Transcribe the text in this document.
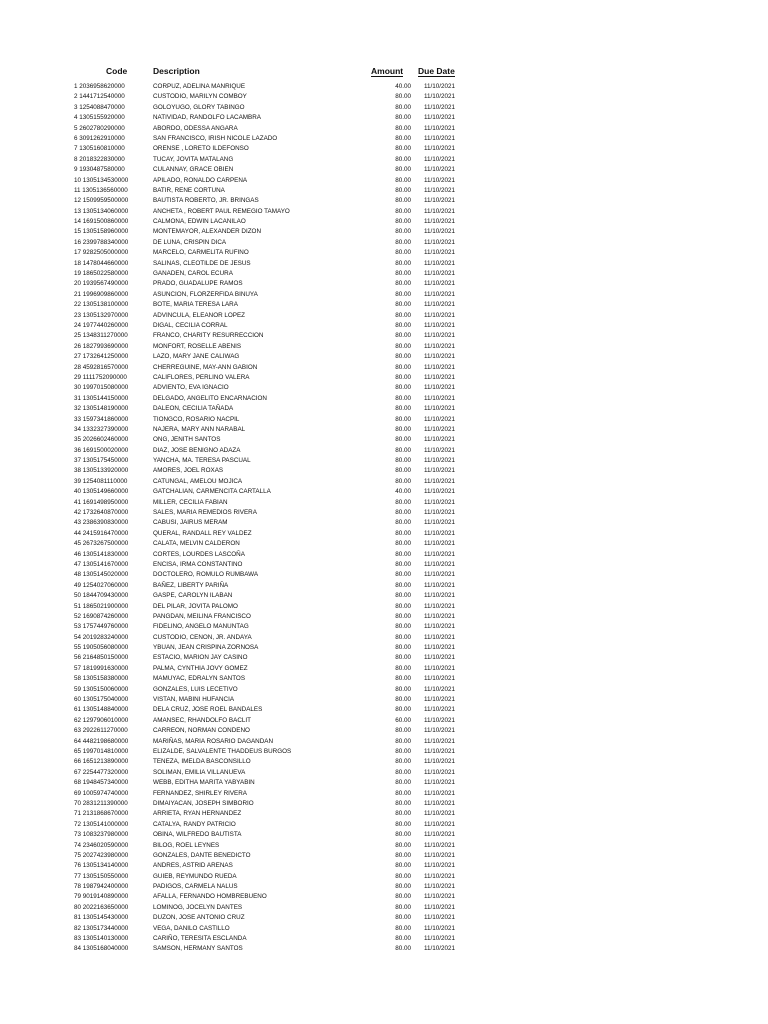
Code	Description	Amount Due Date
1 2036958620000	CORPUZ, ADELINA MANRIQUE	40.00	11/10/2021
2 1441712540000	CUSTODIO, MARILYN COMBOY	80.00	11/10/2021
3 1254088470000	GOLOYUGO, GLORY TABINGO	80.00	11/10/2021
4 1305155920000	NATIVIDAD, RANDOLFO LACAMBRA	80.00	11/10/2021
5 2602780290000	ABORDO, ODESSA ANGARA	80.00	11/10/2021
6 3091262910000	SAN FRANCISCO, IRISH NICOLE LAZADO	80.00	11/10/2021
7 1305160810000	ORENSE , LORETO ILDEFONSO	80.00	11/10/2021
8 2018322830000	TUCAY, JOVITA MATALANG	80.00	11/10/2021
9 1930487580000	CULANNAY, GRACE OBIEN	80.00	11/10/2021
10 1305134530000	APILADO, RONALDO CARPENA	80.00	11/10/2021
11 1305136560000	BATIR, RENE CORTUNA	80.00	11/10/2021
12 1509959500000	BAUTISTA ROBERTO, JR. BRINGAS	80.00	11/10/2021
13 1305134060000	ANCHETA , ROBERT PAUL REMEGIO TAMAYO	80.00	11/10/2021
14 1691500860000	CALMONA, EDWIN LACANILAO	80.00	11/10/2021
15 1305158960000	MONTEMAYOR, ALEXANDER DIZON	80.00	11/10/2021
16 2399788340000	DE LUNA, CRISPIN DICA	80.00	11/10/2021
17 9282505000000	MARCELO, CARMELITA RUFINO	80.00	11/10/2021
18 1478044660000	SALINAS, CLEOTILDE DE JESUS	80.00	11/10/2021
19 1865022580000	GANADEN, CAROL ECURA	80.00	11/10/2021
20 1939567490000	PRADO, GUADALUPE RAMOS	80.00	11/10/2021
21 1996909860000	ASUNCION, FLORZERFIDA BINUYA	80.00	11/10/2021
22 1305138100000	BOTE, MARIA TERESA LARA	80.00	11/10/2021
23 1305132970000	ADVINCULA, ELEANOR LOPEZ	80.00	11/10/2021
24 1977440260000	DIGAL, CECILIA CORRAL	80.00	11/10/2021
25 1348311270000	FRANCO, CHARITY RESURRECCION	80.00	11/10/2021
26 1827993690000	MONFORT, ROSELLE ABENIS	80.00	11/10/2021
27 1732641250000	LAZO, MARY JANE CALIWAG	80.00	11/10/2021
28 4592816570000	CHERREGUINE, MAY-ANN GABION	80.00	11/10/2021
29 1111752090000	CALIFLORES, PERLINO VALERA	80.00	11/10/2021
30 1997015080000	ADVIENTO, EVA IGNACIO	80.00	11/10/2021
31 1305144150000	DELGADO, ANGELITO ENCARNACION	80.00	11/10/2021
32 1305148190000	DALEON, CECILIA TAÑADA	80.00	11/10/2021
33 1597341860000	TIONGCO, ROSARIO NACPIL	80.00	11/10/2021
34 1332327390000	NAJERA, MARY ANN NARABAL	80.00	11/10/2021
35 2026602460000	ONG, JENITH SANTOS	80.00	11/10/2021
36 1691500020000	DIAZ, JOSE BENIGNO ADAZA	80.00	11/10/2021
37 1305175450000	YANCHA, MA. TERESA PASCUAL	80.00	11/10/2021
38 1305133920000	AMORES, JOEL ROXAS	80.00	11/10/2021
39 1254081110000	CATUNGAL, AMELOU MOJICA	80.00	11/10/2021
40 1305149660000	GATCHALIAN, CARMENCITA CARTALLA	40.00	11/10/2021
41 1691498950000	MILLER, CECILIA FABIAN	80.00	11/10/2021
42 1732640870000	SALES, MARIA REMEDIOS RIVERA	80.00	11/10/2021
43 2386390830000	CABUSI, JAIRUS MERAM	80.00	11/10/2021
44 2415916470000	QUERAL, RANDALL REY VALDEZ	80.00	11/10/2021
45 2673267500000	CALATA, MELVIN CALDERON	80.00	11/10/2021
46 1305141830000	CORTES, LOURDES LASCOÑA	80.00	11/10/2021
47 1305141670000	ENCISA, IRMA CONSTANTINO	80.00	11/10/2021
48 1305145020000	DOCTOLERO, ROMULO RUMBAWA	80.00	11/10/2021
49 1254027060000	BAÑEZ, LIBERTY PARIÑA	80.00	11/10/2021
50 1844709430000	GASPE, CAROLYN ILABAN	80.00	11/10/2021
51 1865021900000	DEL PILAR, JOVITA PALOMO	80.00	11/10/2021
52 1690874260000	PANGDAN, MEILINA FRANCISCO	80.00	11/10/2021
53 1757449760000	FIDELINO, ANGELO MANUNTAG	80.00	11/10/2021
54 2019283240000	CUSTODIO, CENON, JR. ANDAYA	80.00	11/10/2021
55 1905056080000	YBUAN, JEAN CRISPINA ZORNOSA	80.00	11/10/2021
56 2164850150000	ESTACIO, MARION JAY CASINO	80.00	11/10/2021
57 1819991630000	PALMA, CYNTHIA JOVY GOMEZ	80.00	11/10/2021
58 1305158380000	MAMUYAC, EDRALYN SANTOS	80.00	11/10/2021
59 1305150060000	GONZALES, LUIS LECETIVO	80.00	11/10/2021
60 1305175040000	VISTAN, MABINI HUFANCIA	80.00	11/10/2021
61 1305148840000	DELA CRUZ, JOSE ROEL BANDALES	80.00	11/10/2021
62 1297906010000	AMANSEC, RHANDOLFO BACLIT	60.00	11/10/2021
63 2922611270000	CARREON, NORMAN CONDENO	80.00	11/10/2021
64 4482198680000	MARIÑAS, MARIA ROSARIO DAGANDAN	80.00	11/10/2021
65 1997014810000	ELIZALDE, SALVALENTE THADDEUS BURGOS	80.00	11/10/2021
66 1651213890000	TENEZA, IMELDA BASCONSILLO	80.00	11/10/2021
67 2254477320000	SOLIMAN, EMILIA VILLANUEVA	80.00	11/10/2021
68 1948457340000	WEBB, EDITHA MARITA YABYABIN	80.00	11/10/2021
69 1005974740000	FERNANDEZ, SHIRLEY RIVERA	80.00	11/10/2021
70 2831211390000	DIMAIYACAN, JOSEPH SIMBORIO	80.00	11/10/2021
71 2131868670000	ARRIETA, RYAN HERNANDEZ	80.00	11/10/2021
72 1305141000000	CATALYA, RANDY PATRICIO	80.00	11/10/2021
73 1083237980000	OBINA, WILFREDO BAUTISTA	80.00	11/10/2021
74 2346020590000	BILOG, ROEL LEYNES	80.00	11/10/2021
75 2027423980000	GONZALES, DANTE BENEDICTO	80.00	11/10/2021
76 1305134140000	ANDRES, ASTRID ARENAS	80.00	11/10/2021
77 1305150550000	GUIEB, REYMUNDO RUEDA	80.00	11/10/2021
78 1987942400000	PADIGOS, CARMELA NALUS	80.00	11/10/2021
79 9019140890000	AFALLA, FERNANDO HOMBREBUENO	80.00	11/10/2021
80 2022163650000	LOMINOG, JOCELYN DANTES	80.00	11/10/2021
81 1305145430000	DUZON, JOSE ANTONIO CRUZ	80.00	11/10/2021
82 1305173440000	VEGA, DANILO CASTILLO	80.00	11/10/2021
83 1305140130000	CARIÑO, TERESITA ESCLANDA	80.00	11/10/2021
84 1305168040000	SAMSON, HERMANY SANTOS	80.00	11/10/2021
